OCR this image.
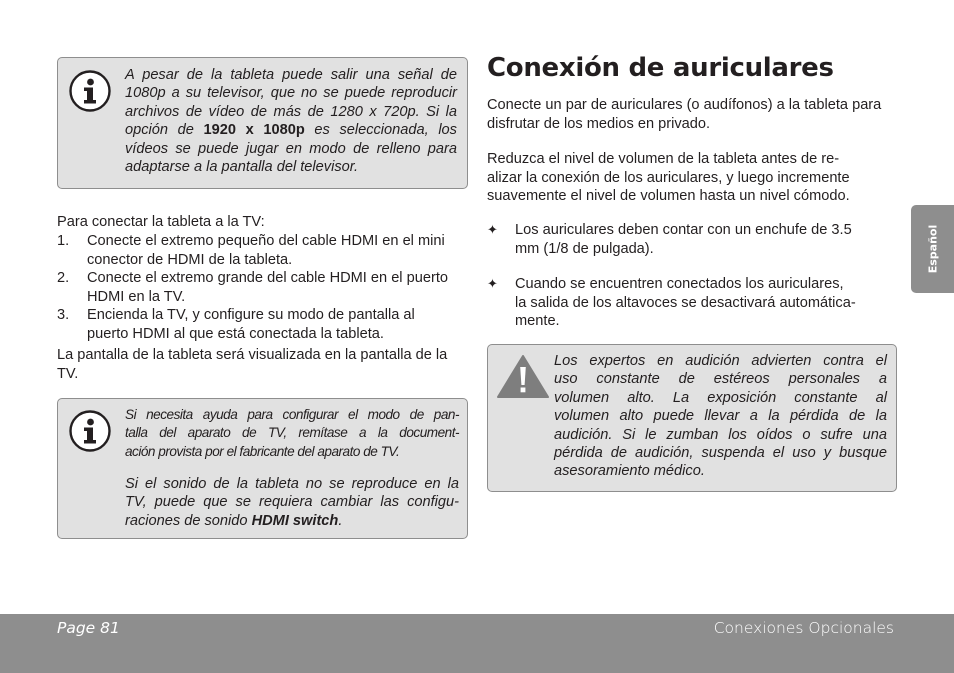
A pesar de la tableta puede salir una señal de
1080p a su televisor, que no se puede reproducir
archivos de vídeo de más de 1280 x 720p. Si la
opción de 1920 x 1080p es seleccionada, los
vídeos se puede jugar en modo de relleno para
adaptarse a la pantalla del televisor.

Para conectar la tableta a la TV:

1. Conecte el extremo pequeño del cable HDMI en el mini conector de HDMI de la tableta.
2. Conecte el extremo grande del cable HDMI en el puerto HDMI en la TV.
3. Encienda la TV, y configure su modo de pantalla al puerto HDMI al que está conectada la tableta.

La pantalla de la tableta será visualizada en la pantalla de la TV.

Si necesita ayuda para configurar el modo de pan-
talla del aparato de TV, remítase a la document-
ación provista por el fabricante del aparato de TV.
Si el sonido de la tableta no se reproduce en la
TV, puede que se requiera cambiar las configu-
raciones de sonido HDMI switch.
Conexión de auriculares

Conecte un par de auriculares (o audífonos) a la tableta para disfrutar de los medios en privado.

Reduzca el nivel de volumen de la tableta antes de re-
alizar la conexión de los auriculares, y luego incremente
suavemente el nivel de volumen hasta un nivel cómodo.
✦ Los auriculares deben contar con un enchufe de 3.5
mm (1/8 de pulgada).
✦ Cuando se encuentren conectados los auriculares,
la salida de los altavoces se desactivará automática-
mente.
Los expertos en audición advierten contra el
uso constante de estéreos personales a
volumen alto. La exposición constante al
volumen alto puede llevar a la pérdida de la
audición. Si le zumban los oídos o sufre una
pérdida de audición, suspenda el uso y busque
asesoramiento médico.
Español
Page 81	Conexiones Opcionales
